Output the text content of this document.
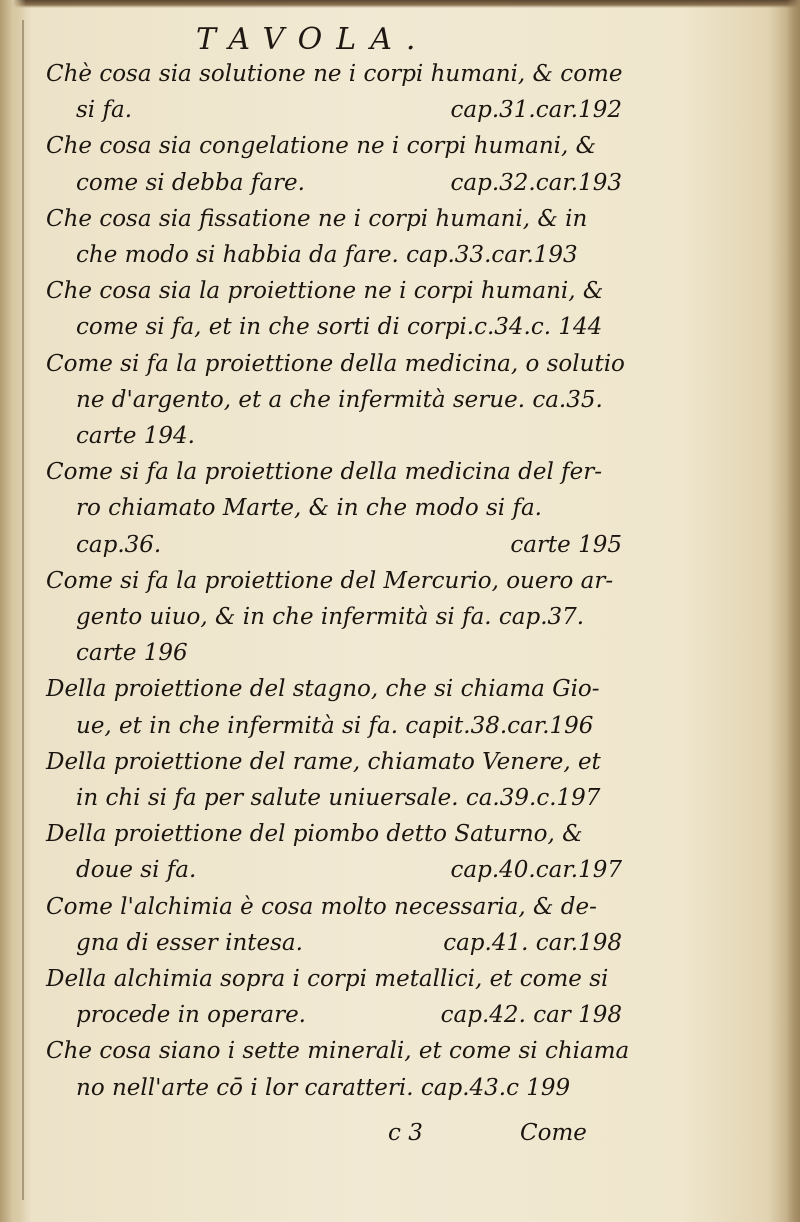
TAVOLA.
Chè cosa sia solutione ne i corpi humani, & come
si fa.	cap.31.car.192
Che cosa sia congelatione ne i corpi humani, &
come si debba fare.	cap.32.car.193
Che cosa sia fissatione ne i corpi humani, & in
che modo si habbia da fare. cap.33.car.193
Che cosa sia la proiettione ne i corpi humani, &
come si fa, et in che sorti di corpi.c.34.c. 144
Come si fa la proiettione della medicina, o solutio
ne d'argento, et a che infermità serue. ca.35.
carte 194.
Come si fa la proiettione della medicina del fer-
ro chiamato Marte, & in che modo si fa.
cap.36.	carte 195
Come si fa la proiettione del Mercurio, ouero ar-
gento uiuo, & in che infermità si fa. cap.37.
carte 196
Della proiettione del stagno, che si chiama Gio-
ue, et in che infermità si fa. capit.38.car.196
Della proiettione del rame, chiamato Venere, et
in chi si fa per salute uniuersale. ca.39.c.197
Della proiettione del piombo detto Saturno, &
doue si fa.	cap.40.car.197
Come l'alchimia è cosa molto necessaria, & de-
gna di esser intesa.	cap.41. car.198
Della alchimia sopra i corpi metallici, et come si
procede in operare.	cap.42. car 198
Che cosa siano i sette minerali, et come si chiama
no nell'arte cō i lor caratteri. cap.43.c 199
c 3	Come
